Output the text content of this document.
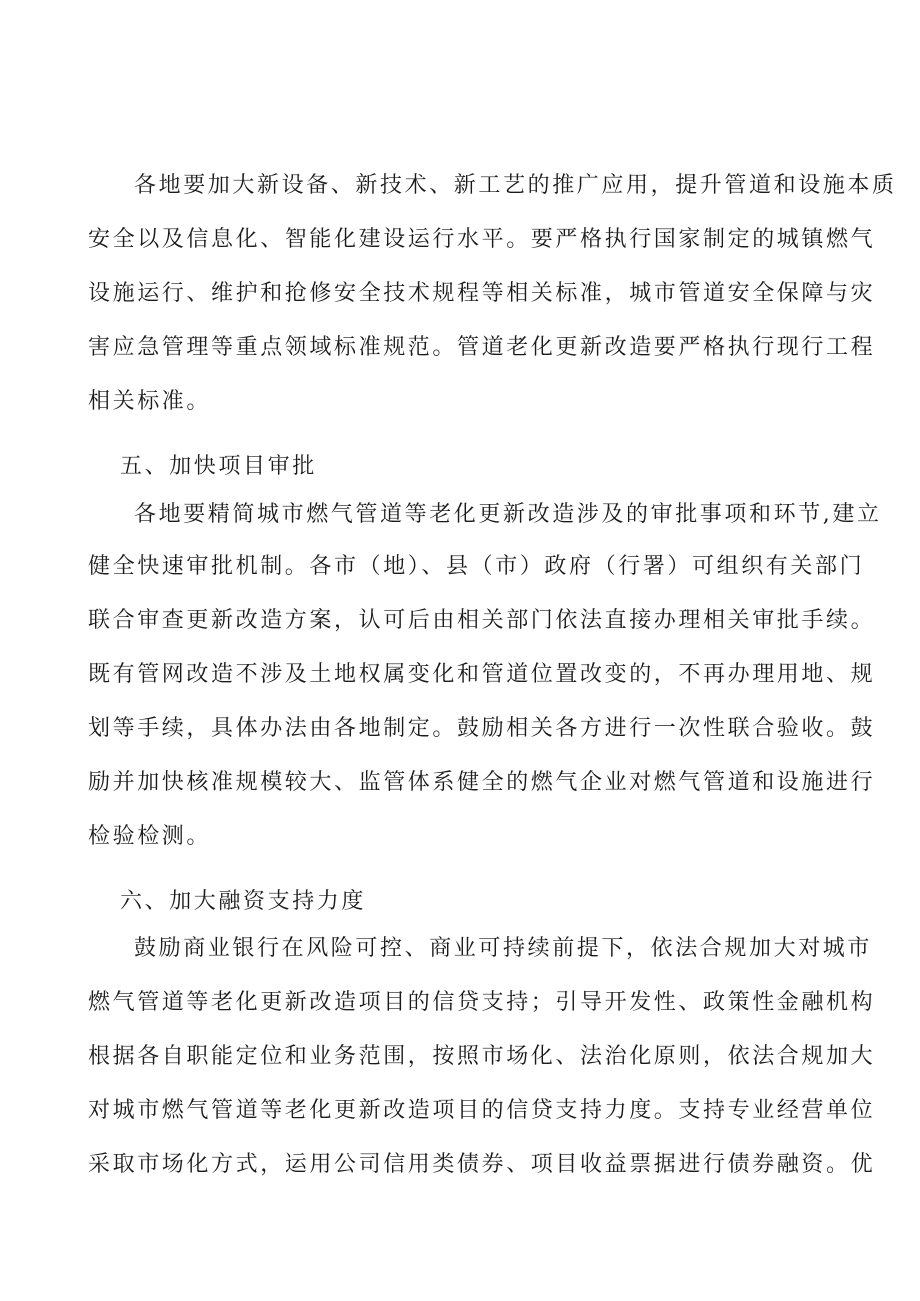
各地要加大新设备、新技术、新工艺的推广应用，提升管道和设施本质
安全以及信息化、智能化建设运行水平。要严格执行国家制定的城镇燃气
设施运行、维护和抢修安全技术规程等相关标准，城市管道安全保障与灾
害应急管理等重点领域标准规范。管道老化更新改造要严格执行现行工程
相关标准。
五、加快项目审批
各地要精简城市燃气管道等老化更新改造涉及的审批事项和环节,建立
健全快速审批机制。各市（地）、县（市）政府（行署）可组织有关部门
联合审查更新改造方案，认可后由相关部门依法直接办理相关审批手续。
既有管网改造不涉及土地权属变化和管道位置改变的，不再办理用地、规
划等手续，具体办法由各地制定。鼓励相关各方进行一次性联合验收。鼓
励并加快核准规模较大、监管体系健全的燃气企业对燃气管道和设施进行
检验检测。
六、加大融资支持力度
鼓励商业银行在风险可控、商业可持续前提下，依法合规加大对城市
燃气管道等老化更新改造项目的信贷支持；引导开发性、政策性金融机构
根据各自职能定位和业务范围，按照市场化、法治化原则，依法合规加大
对城市燃气管道等老化更新改造项目的信贷支持力度。支持专业经营单位
采取市场化方式，运用公司信用类债券、项目收益票据进行债券融资。优
